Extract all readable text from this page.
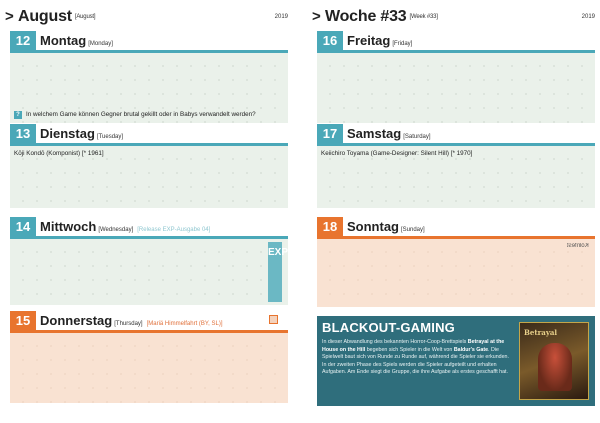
> August [August]	2019
12 Montag [Monday]
? In welchem Game können Gegner brutal gekillt oder in Babys verwandelt werden?
13 Dienstag [Tuesday]
Kōji Kondō (Komponist) [* 1961]
14 Mittwoch [Wednesday] [Release EXP-Ausgabe 04]
EXP
15 Donnerstag [Thursday] [Mariä Himmelfahrt (BY, SL)]
> Woche #33 [Week #33]	2019
16 Freitag [Friday]
17 Samstag [Saturday]
Keiichiro Toyama (Game-Designer: Silent Hill) [* 1970]
18 Sonntag [Sunday]
Kölnfest
BLACKOUT-GAMING
In dieser Abwandlung des bekannten Horror-Coop-Brettspiels Betrayal at the House on the Hill begeben sich Spieler in die Welt von Baldur's Gate. Die Spielwelt baut sich von Runde zu Runde auf, während die Spieler sie erkunden. In der zweiten Phase des Spiels werden die Spieler aufgeteilt und erhalten Aufgaben. Am Ende siegt die Gruppe, die ihre Aufgabe als erstes geschafft hat.
Betrayal
